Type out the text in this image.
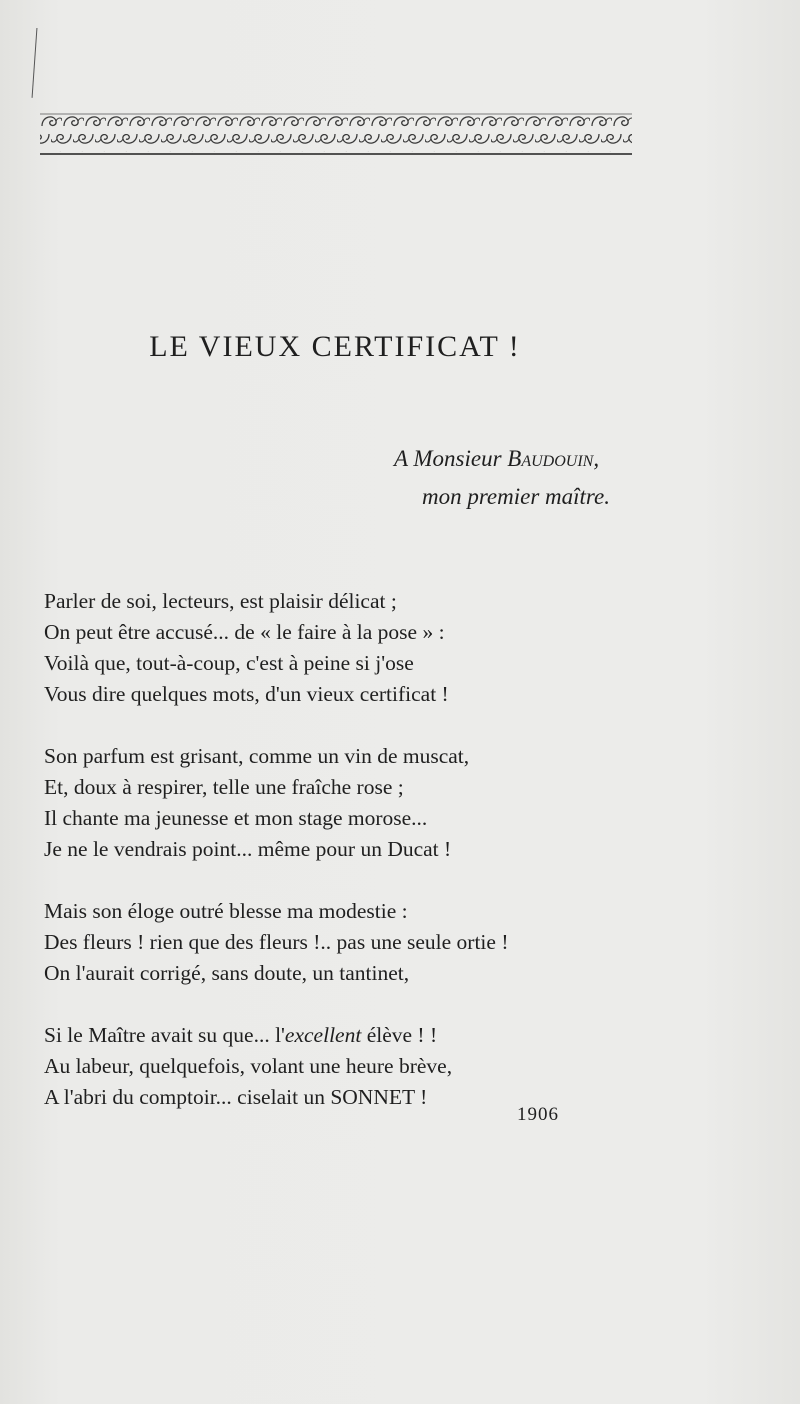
LE VIEUX CERTIFICAT !
A Monsieur Baudouin,
mon premier maître.
Parler de soi, lecteurs, est plaisir délicat ;
On peut être accusé... de « le faire à la pose » :
Voilà que, tout-à-coup, c'est à peine si j'ose
Vous dire quelques mots, d'un vieux certificat !
Son parfum est grisant, comme un vin de muscat,
Et, doux à respirer, telle une fraîche rose ;
Il chante ma jeunesse et mon stage morose...
Je ne le vendrais point... même pour un Ducat !
Mais son éloge outré blesse ma modestie :
Des fleurs ! rien que des fleurs !.. pas une seule ortie !
On l'aurait corrigé, sans doute, un tantinet,
Si le Maître avait su que... l'excellent élève ! !
Au labeur, quelquefois, volant une heure brève,
A l'abri du comptoir... ciselait un SONNET !
1906
